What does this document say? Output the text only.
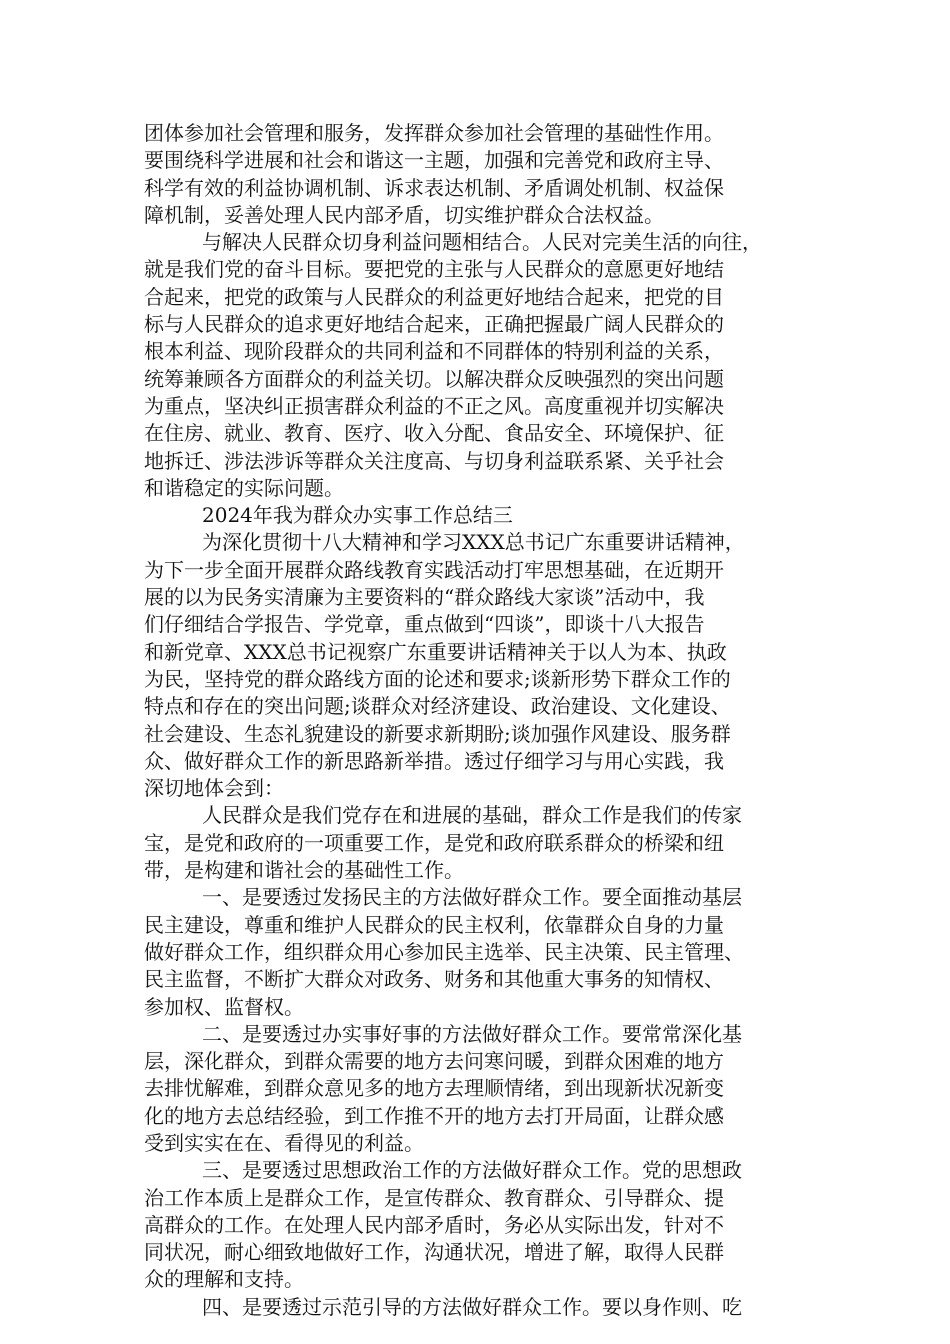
团体参加社会管理和服务，发挥群众参加社会管理的基础性作用。
要围绕科学进展和社会和谐这一主题，加强和完善党和政府主导、
科学有效的利益协调机制、诉求表达机制、矛盾调处机制、权益保
障机制，妥善处理人民内部矛盾，切实维护群众合法权益。
与解决人民群众切身利益问题相结合。人民对完美生活的向往，
就是我们党的奋斗目标。要把党的主张与人民群众的意愿更好地结
合起来，把党的政策与人民群众的利益更好地结合起来，把党的目
标与人民群众的追求更好地结合起来，正确把握最广阔人民群众的
根本利益、现阶段群众的共同利益和不同群体的特别利益的关系，
统筹兼顾各方面群众的利益关切。以解决群众反映强烈的突出问题
为重点，坚决纠正损害群众利益的不正之风。高度重视并切实解决
在住房、就业、教育、医疗、收入分配、食品安全、环境保护、征
地拆迁、涉法涉诉等群众关注度高、与切身利益联系紧、关乎社会
和谐稳定的实际问题。
2024年我为群众办实事工作总结三
为深化贯彻十八大精神和学习XXX总书记广东重要讲话精神，
为下一步全面开展群众路线教育实践活动打牢思想基础，在近期开
展的以为民务实清廉为主要资料的“群众路线大家谈”活动中，我
们仔细结合学报告、学党章，重点做到“四谈”，即谈十八大报告
和新党章、XXX总书记视察广东重要讲话精神关于以人为本、执政
为民，坚持党的群众路线方面的论述和要求;谈新形势下群众工作的
特点和存在的突出问题;谈群众对经济建设、政治建设、文化建设、
社会建设、生态礼貌建设的新要求新期盼;谈加强作风建设、服务群
众、做好群众工作的新思路新举措。透过仔细学习与用心实践，我
深切地体会到：
人民群众是我们党存在和进展的基础，群众工作是我们的传家
宝，是党和政府的一项重要工作，是党和政府联系群众的桥梁和纽
带，是构建和谐社会的基础性工作。
一、是要透过发扬民主的方法做好群众工作。要全面推动基层
民主建设，尊重和维护人民群众的民主权利，依靠群众自身的力量
做好群众工作，组织群众用心参加民主选举、民主决策、民主管理、
民主监督，不断扩大群众对政务、财务和其他重大事务的知情权、
参加权、监督权。
二、是要透过办实事好事的方法做好群众工作。要常常深化基
层，深化群众，到群众需要的地方去问寒问暖，到群众困难的地方
去排忧解难，到群众意见多的地方去理顺情绪，到出现新状况新变
化的地方去总结经验，到工作推不开的地方去打开局面，让群众感
受到实实在在、看得见的利益。
三、是要透过思想政治工作的方法做好群众工作。党的思想政
治工作本质上是群众工作，是宣传群众、教育群众、引导群众、提
高群众的工作。在处理人民内部矛盾时，务必从实际出发，针对不
同状况，耐心细致地做好工作，沟通状况，增进了解，取得人民群
众的理解和支持。
四、是要透过示范引导的方法做好群众工作。要以身作则、吃
